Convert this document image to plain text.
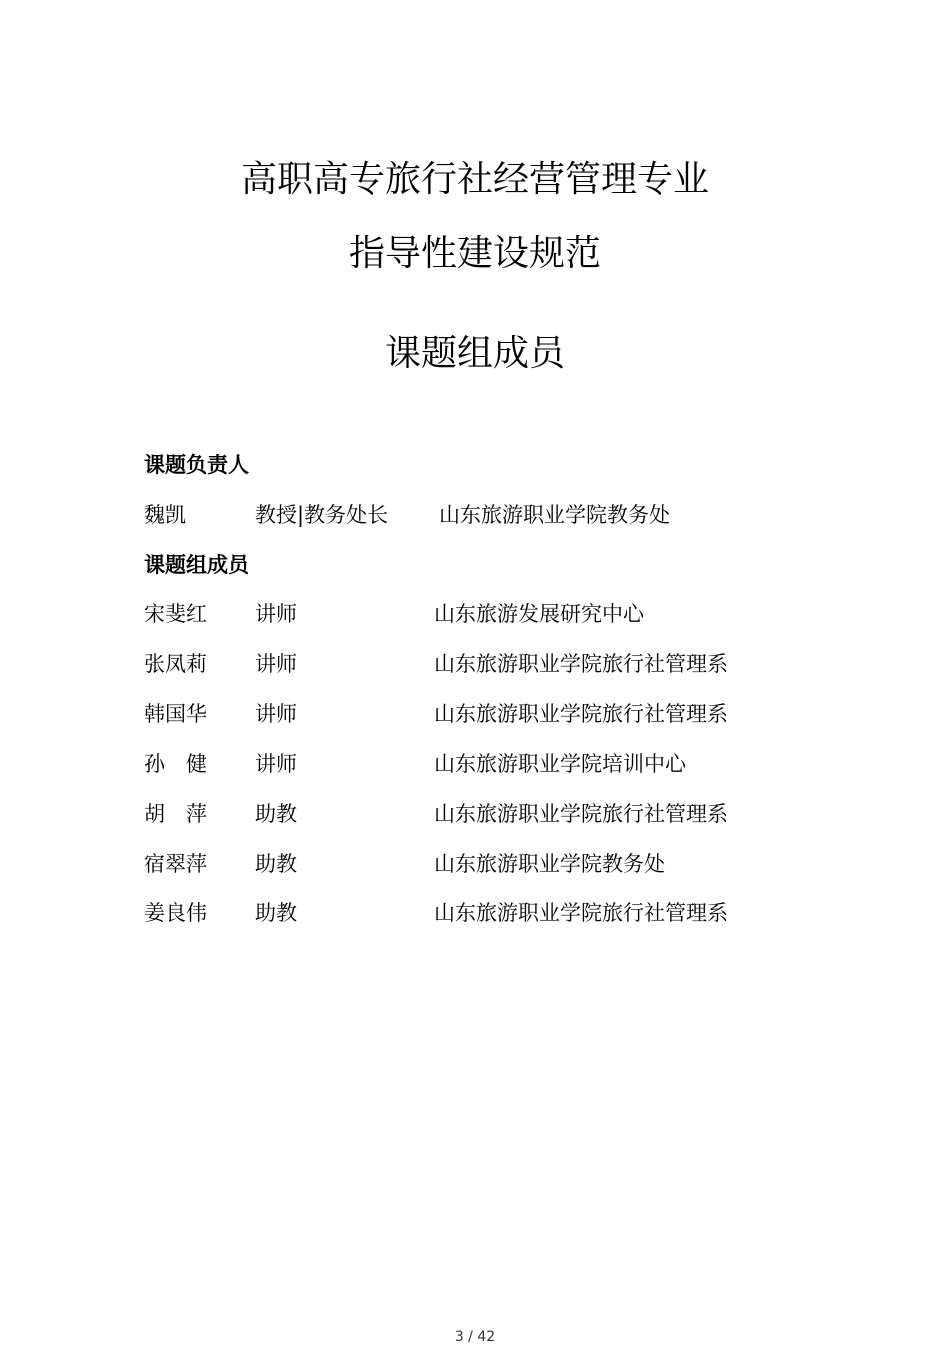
高职高专旅行社经营管理专业
指导性建设规范
课题组成员
课题负责人
魏凯	教授|教务处长 山东旅游职业学院教务处
课题组成员
宋斐红 讲师	山东旅游发展研究中心
张凤莉 讲师	山东旅游职业学院旅行社管理系
韩国华 讲师	山东旅游职业学院旅行社管理系
孙　健 讲师	山东旅游职业学院培训中心
胡　萍 助教	山东旅游职业学院旅行社管理系
宿翠萍 助教	山东旅游职业学院教务处
姜良伟 助教	山东旅游职业学院旅行社管理系
3 / 42
